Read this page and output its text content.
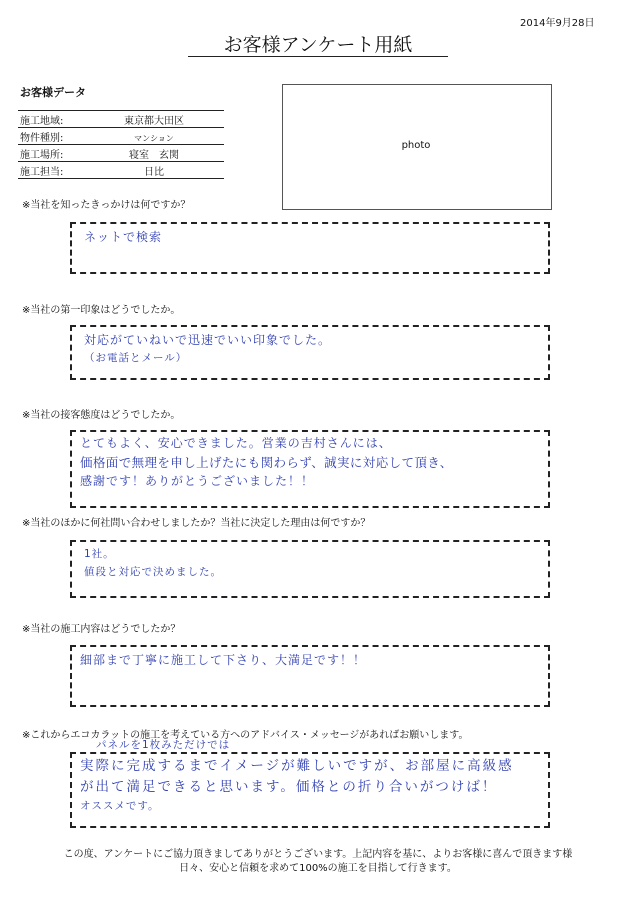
2014年9月28日
お客様アンケート用紙
お客様データ
施工地域:	東京都大田区
物件種別:	マンション
施工場所:	寝室　玄関
施工担当:	日比
photo
※当社を知ったきっかけは何ですか？
ネットで検索
※当社の第一印象はどうでしたか。
対応がていねいで迅速でいい印象でした。
（お電話とメール）
※当社の接客態度はどうでしたか。
とてもよく、安心できました。営業の吉村さんには、
価格面で無理を申し上げたにも関わらず、誠実に対応して頂き、
感謝です！ありがとうございました！！
※当社のほかに何社問い合わせしましたか？当社に決定した理由は何ですか？
1社。
値段と対応で決めました。
※当社の施工内容はどうでしたか？
細部まで丁寧に施工して下さり、大満足です！！
※これからエコカラットの施工を考えている方へのアドバイス・メッセージがあればお願いします。
パネルを1枚みただけでは
実際に完成するまでイメージが難しいですが、お部屋に高級感
が出て満足できると思います。価格との折り合いがつけば！
オススメです。
この度、アンケートにご協力頂きましてありがとうございます。上記内容を基に、よりお客様に喜んで頂きます様
日々、安心と信頼を求めて100%の施工を目指して行きます。
